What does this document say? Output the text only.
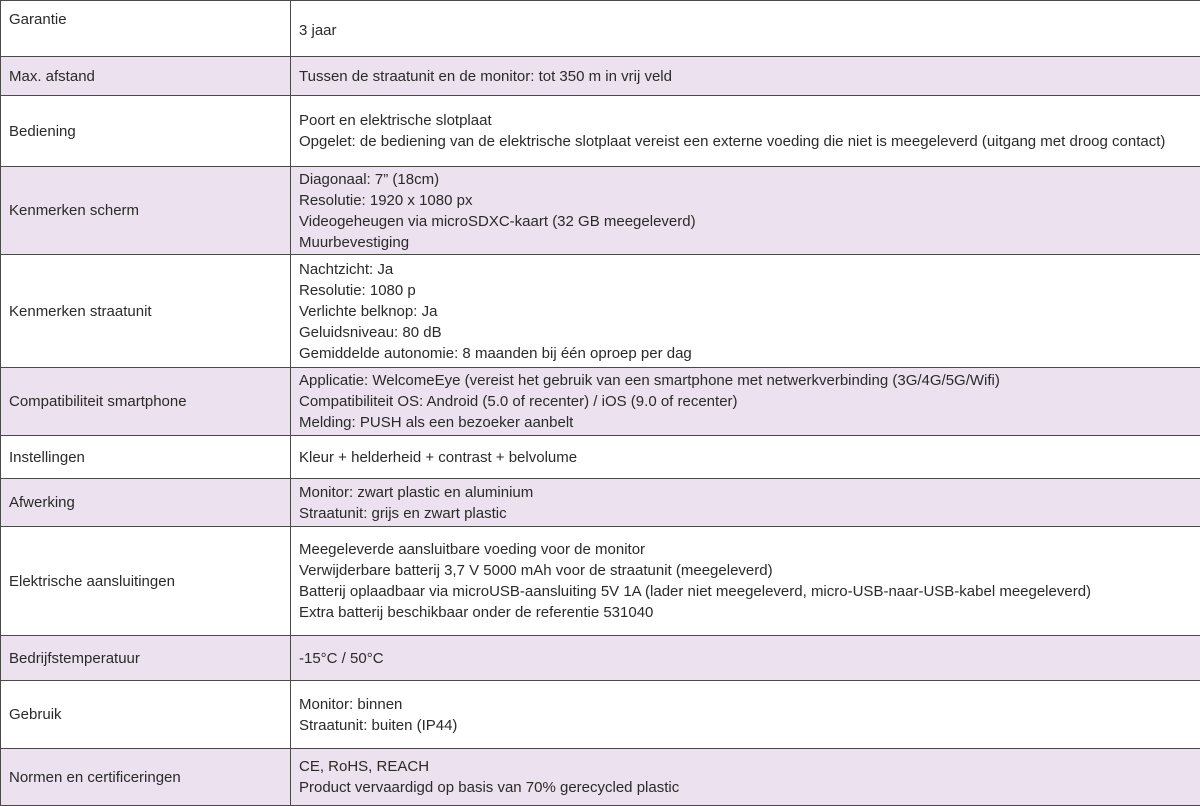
Garantie	3 jaar

Max. afstand	Tussen de straatunit en de monitor: tot 350 m in vrij veld

Bediening	Poort en elektrische slotplaat
Opgelet: de bediening van de elektrische slotplaat vereist een externe voeding die niet is meegeleverd (uitgang met droog contact)

Kenmerken scherm	Diagonaal: 7” (18cm)
Resolutie: 1920 x 1080 px
Videogeheugen via microSDXC-kaart (32 GB meegeleverd)
Muurbevestiging

Kenmerken straatunit	Nachtzicht: Ja
Resolutie: 1080 p
Verlichte belknop: Ja
Geluidsniveau: 80 dB
Gemiddelde autonomie: 8 maanden bij één oproep per dag

Compatibiliteit smartphone	Applicatie: WelcomeEye (vereist het gebruik van een smartphone met netwerkverbinding (3G/4G/5G/Wifi)
Compatibiliteit OS: Android (5.0 of recenter) / iOS (9.0 of recenter)
Melding: PUSH als een bezoeker aanbelt

Instellingen	Kleur + helderheid + contrast + belvolume

Afwerking	Monitor: zwart plastic en aluminium
Straatunit: grijs en zwart plastic

Elektrische aansluitingen	Meegeleverde aansluitbare voeding voor de monitor
Verwijderbare batterij 3,7 V 5000 mAh voor de straatunit (meegeleverd)
Batterij oplaadbaar via microUSB-aansluiting 5V 1A (lader niet meegeleverd, micro-USB-naar-USB-kabel meegeleverd)
Extra batterij beschikbaar onder de referentie 531040

Bedrijfstemperatuur	-15°C / 50°C

Gebruik	Monitor: binnen
Straatunit: buiten (IP44)

Normen en certificeringen	CE, RoHS, REACH
Product vervaardigd op basis van 70% gerecycled plastic
